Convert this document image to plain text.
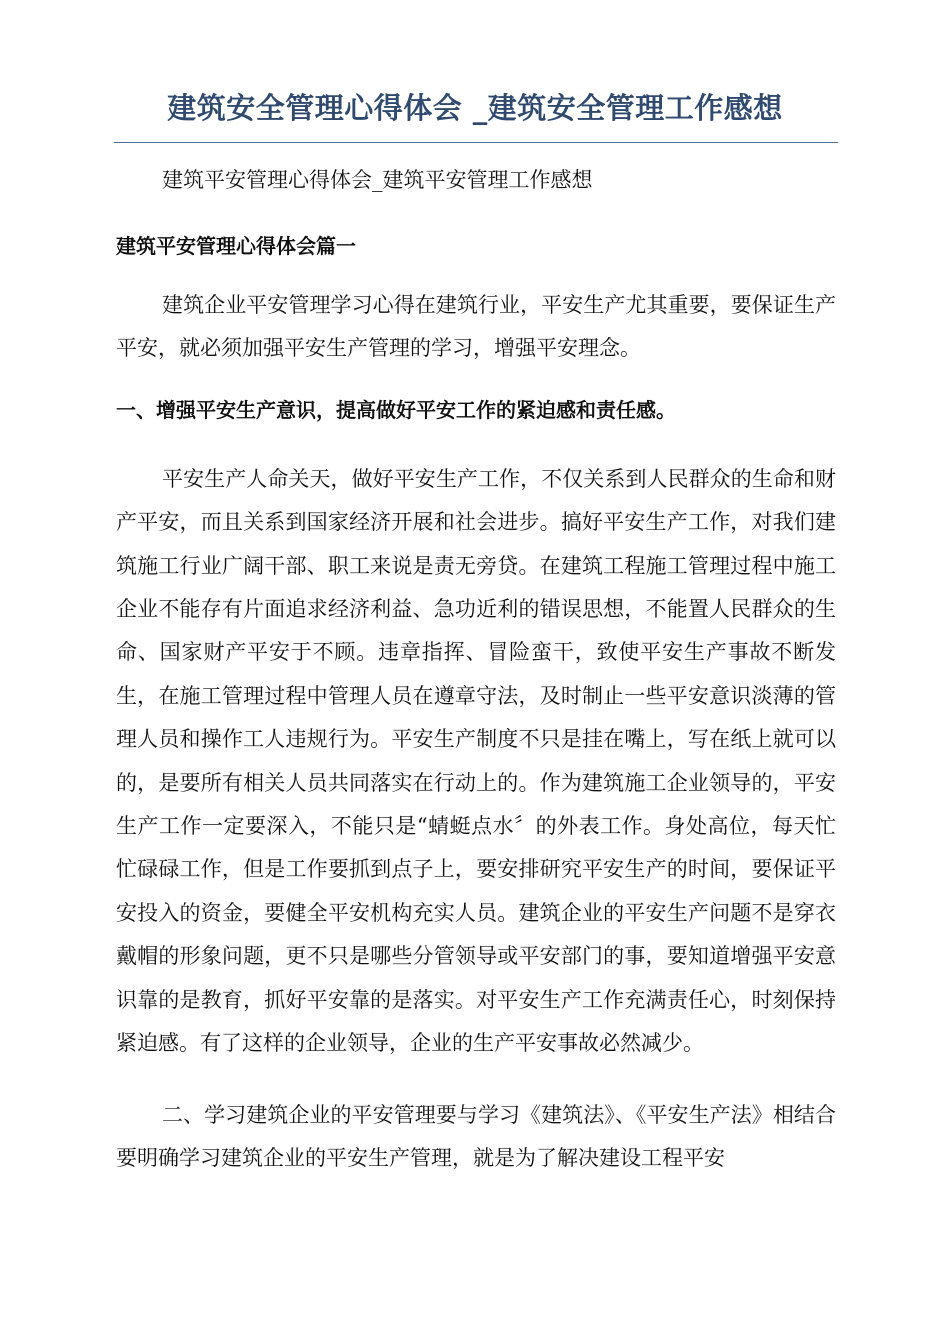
建筑安全管理心得体会 _建筑安全管理工作感想

建筑平安管理心得体会_建筑平安管理工作感想

建筑平安管理心得体会篇一

建筑企业平安管理学习心得在建筑行业，平安生产尤其重要，要保证生产平安，就必须加强平安生产管理的学习，增强平安理念。

一、增强平安生产意识，提高做好平安工作的紧迫感和责任感。

平安生产人命关天，做好平安生产工作，不仅关系到人民群众的生命和财产平安，而且关系到国家经济开展和社会进步。搞好平安生产工作，对我们建筑施工行业广阔干部、职工来说是责无旁贷。在建筑工程施工管理过程中施工企业不能存有片面追求经济利益、急功近利的错误思想，不能置人民群众的生命、国家财产平安于不顾。违章指挥、冒险蛮干，致使平安生产事故不断发生，在施工管理过程中管理人员在遵章守法，及时制止一些平安意识淡薄的管理人员和操作工人违规行为。平安生产制度不只是挂在嘴上，写在纸上就可以的，是要所有相关人员共同落实在行动上的。作为建筑施工企业领导的，平安生产工作一定要深入，不能只是“蜻蜓点水〞的外表工作。身处高位，每天忙忙碌碌工作，但是工作要抓到点子上，要安排研究平安生产的时间，要保证平安投入的资金，要健全平安机构充实人员。建筑企业的平安生产问题不是穿衣戴帽的形象问题，更不只是哪些分管领导或平安部门的事，要知道增强平安意识靠的是教育，抓好平安靠的是落实。对平安生产工作充满责任心，时刻保持紧迫感。有了这样的企业领导，企业的生产平安事故必然减少。

二、学习建筑企业的平安管理要与学习《建筑法》、《平安生产法》相结合要明确学习建筑企业的平安生产管理，就是为了解决建设工程平安
